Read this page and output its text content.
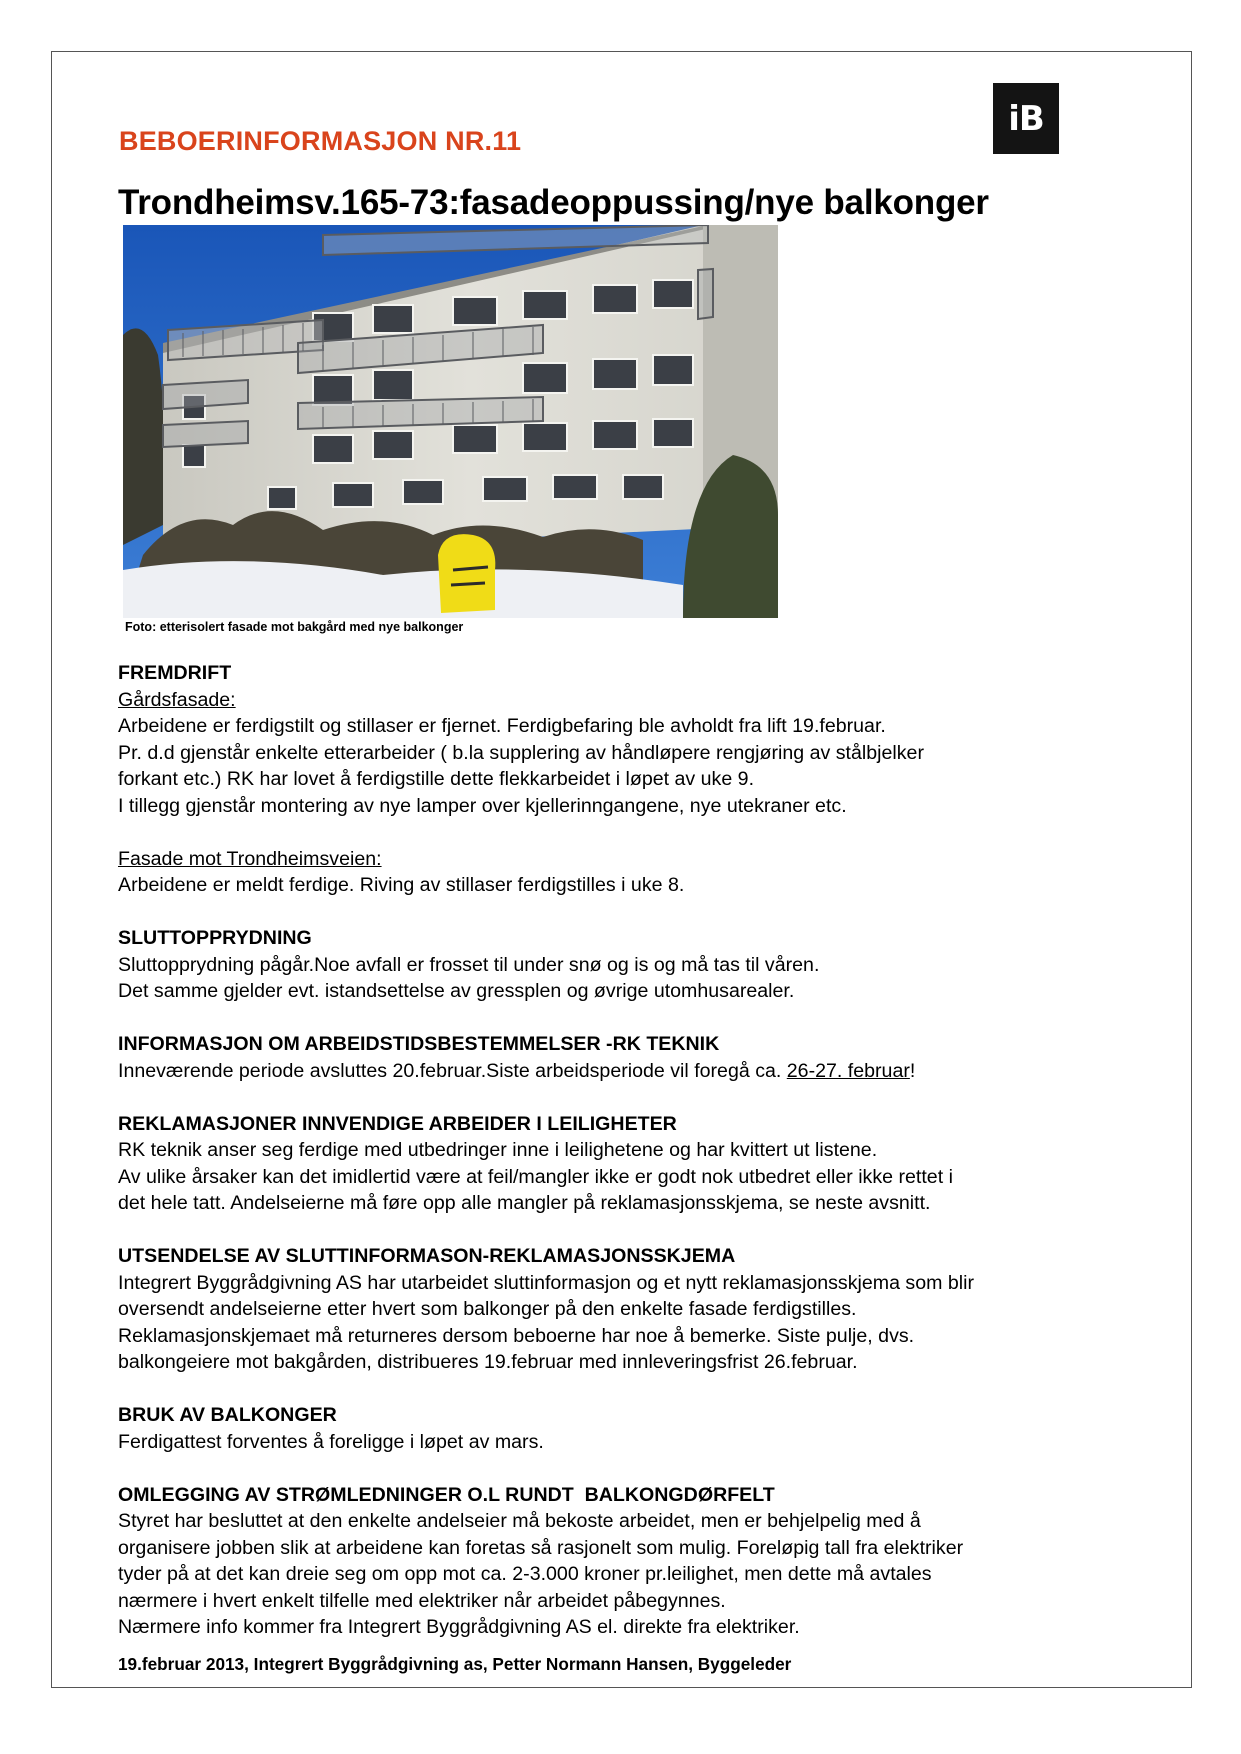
iB
BEBOERINFORMASJON NR.11
Trondheimsv.165-73:fasadeoppussing/nye balkonger
Foto: etterisolert fasade mot bakgård med nye balkonger
FREMDRIFT
Gårdsfasade:
Arbeidene er ferdigstilt og stillaser er fjernet. Ferdigbefaring ble avholdt fra lift 19.februar.
Pr. d.d gjenstår enkelte etterarbeider ( b.la supplering av håndløpere rengjøring av stålbjelker
forkant etc.) RK har lovet å ferdigstille dette flekkarbeidet i løpet av uke 9.
I tillegg gjenstår montering av nye lamper over kjellerinngangene, nye utekraner etc.
Fasade mot Trondheimsveien:
Arbeidene er meldt ferdige. Riving av stillaser ferdigstilles i uke 8.
SLUTTOPPRYDNING
Sluttopprydning pågår.Noe avfall er frosset til under snø og is og må tas til våren.
Det samme gjelder evt. istandsettelse av gressplen og øvrige utomhusarealer.
INFORMASJON OM ARBEIDSTIDSBESTEMMELSER -RK TEKNIK
Inneværende periode avsluttes 20.februar.Siste arbeidsperiode vil foregå ca. 26-27. februar!
REKLAMASJONER INNVENDIGE ARBEIDER I LEILIGHETER
RK teknik anser seg ferdige med utbedringer inne i leilighetene og har kvittert ut listene.
Av ulike årsaker kan det imidlertid være at feil/mangler ikke er godt nok utbedret eller ikke rettet i
det hele tatt. Andelseierne må føre opp alle mangler på reklamasjonsskjema, se neste avsnitt.
UTSENDELSE AV SLUTTINFORMASON-REKLAMASJONSSKJEMA
Integrert Byggrådgivning AS har utarbeidet sluttinformasjon og et nytt reklamasjonsskjema som blir
oversendt andelseierne etter hvert som balkonger på den enkelte fasade ferdigstilles.
Reklamasjonskjemaet må returneres dersom beboerne har noe å bemerke. Siste pulje, dvs.
balkongeiere mot bakgården, distribueres 19.februar med innleveringsfrist 26.februar.
BRUK AV BALKONGER
Ferdigattest forventes å foreligge i løpet av mars.
OMLEGGING AV STRØMLEDNINGER O.L RUNDT  BALKONGDØRFELT
Styret har besluttet at den enkelte andelseier må bekoste arbeidet, men er behjelpelig med å
organisere jobben slik at arbeidene kan foretas så rasjonelt som mulig. Foreløpig tall fra elektriker
tyder på at det kan dreie seg om opp mot ca. 2-3.000 kroner pr.leilighet, men dette må avtales
nærmere i hvert enkelt tilfelle med elektriker når arbeidet påbegynnes.
Nærmere info kommer fra Integrert Byggrådgivning AS el. direkte fra elektriker.
19.februar 2013, Integrert Byggrådgivning as, Petter Normann Hansen, Byggeleder
